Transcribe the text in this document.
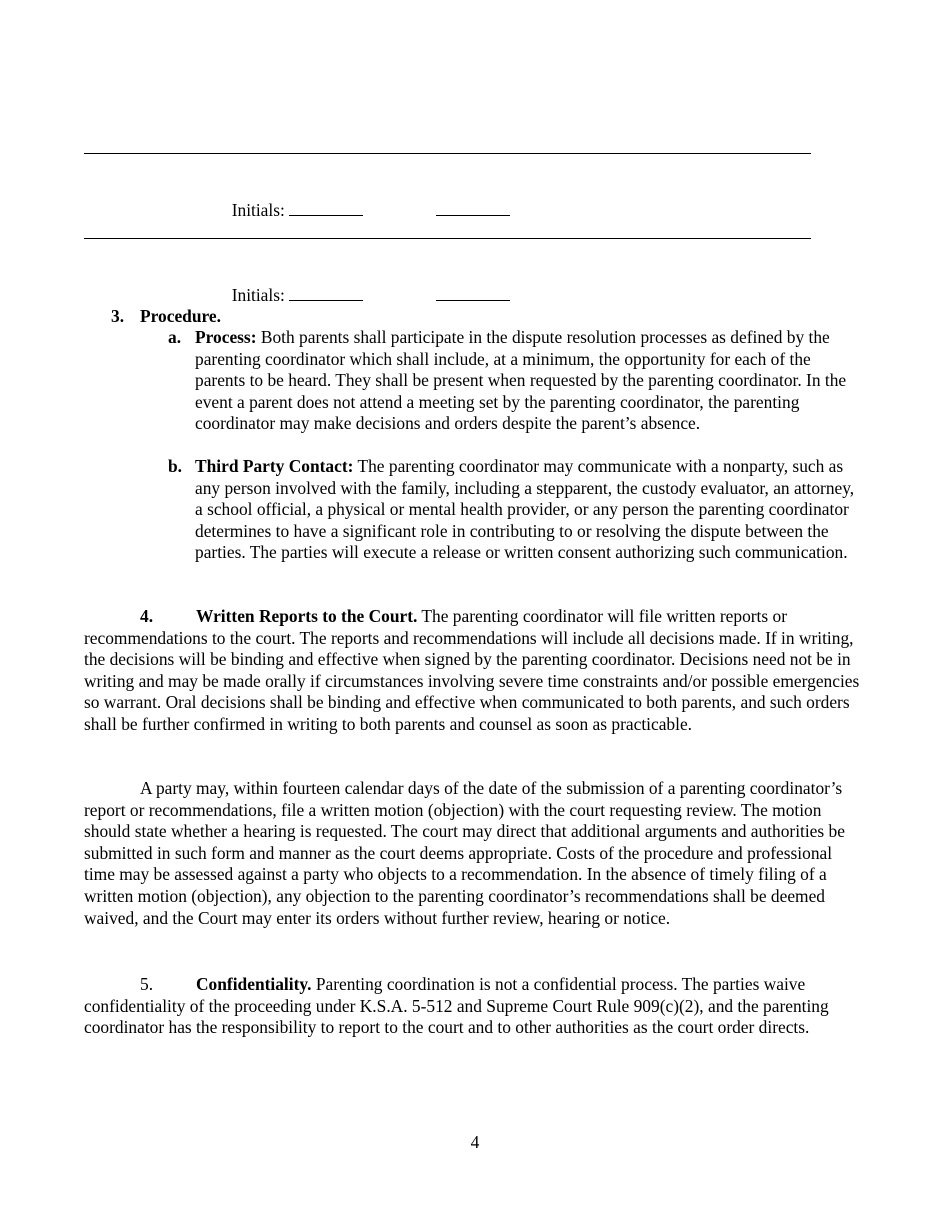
Initials:

Initials:

3. Procedure.
a. Process: Both parents shall participate in the dispute resolution processes as defined by the parenting coordinator which shall include, at a minimum, the opportunity for each of the parents to be heard. They shall be present when requested by the parenting coordinator. In the event a parent does not attend a meeting set by the parenting coordinator, the parenting coordinator may make decisions and orders despite the parent’s absence.
b. Third Party Contact: The parenting coordinator may communicate with a nonparty, such as any person involved with the family, including a stepparent, the custody evaluator, an attorney, a school official, a physical or mental health provider, or any person the parenting coordinator determines to have a significant role in contributing to or resolving the dispute between the parties. The parties will execute a release or written consent authorizing such communication.
4. Written Reports to the Court. The parenting coordinator will file written reports or recommendations to the court. The reports and recommendations will include all decisions made. If in writing, the decisions will be binding and effective when signed by the parenting coordinator. Decisions need not be in writing and may be made orally if circumstances involving severe time constraints and/or possible emergencies so warrant. Oral decisions shall be binding and effective when communicated to both parents, and such orders shall be further confirmed in writing to both parents and counsel as soon as practicable.
A party may, within fourteen calendar days of the date of the submission of a parenting coordinator’s report or recommendations, file a written motion (objection) with the court requesting review. The motion should state whether a hearing is requested. The court may direct that additional arguments and authorities be submitted in such form and manner as the court deems appropriate. Costs of the procedure and professional time may be assessed against a party who objects to a recommendation. In the absence of timely filing of a written motion (objection), any objection to the parenting coordinator’s recommendations shall be deemed waived, and the Court may enter its orders without further review, hearing or notice.
5. Confidentiality. Parenting coordination is not a confidential process. The parties waive confidentiality of the proceeding under K.S.A. 5-512 and Supreme Court Rule 909(c)(2), and the parenting coordinator has the responsibility to report to the court and to other authorities as the court order directs.
4
